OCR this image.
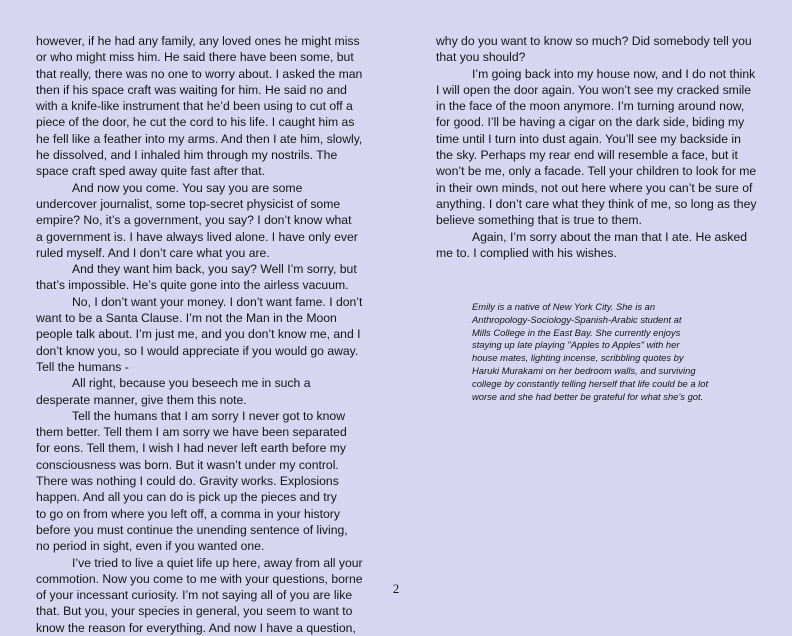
however, if he had any family, any loved ones he might miss

or who might miss him. He said there have been some, but

that really, there was no one to worry about. I asked the man

then if his space craft was waiting for him. He said no and

with a knife-like instrument that he’d been using to cut off a

piece of the door, he cut the cord to his life. I caught him as

he fell like a feather into my arms. And then I ate him, slowly,

he dissolved, and I inhaled him through my nostrils. The

space craft sped away quite fast after that.

And now you come. You say you are some

undercover journalist, some top-secret physicist of some

empire? No, it’s a government, you say? I don’t know what

a government is. I have always lived alone. I have only ever

ruled myself. And I don’t care what you are.

And they want him back, you say? Well I’m sorry, but

that’s impossible. He’s quite gone into the airless vacuum.

No, I don’t want your money. I don’t want fame. I don’t

want to be a Santa Clause. I’m not the Man in the Moon

people talk about. I’m just me, and you don’t know me, and I

don’t know you, so I would appreciate if you would go away.

Tell the humans -

All right, because you beseech me in such a

desperate manner, give them this note.

Tell the humans that I am sorry I never got to know

them better. Tell them I am sorry we have been separated

for eons. Tell them, I wish I had never left earth before my

consciousness was born. But it wasn’t under my control.

There was nothing I could do. Gravity works. Explosions

happen. And all you can do is pick up the pieces and try

to go on from where you left off, a comma in your history

before you must continue the unending sentence of living,

no period in sight, even if you wanted one.

I’ve tried to live a quiet life up here, away from all your

commotion. Now you come to me with your questions, borne

of your incessant curiosity. I’m not saying all of you are like

that. But you, your species in general, you seem to want to

know the reason for everything. And now I have a question,

why do you want to know so much? Did somebody tell you

that you should?

I’m going back into my house now, and I do not think

I will open the door again. You won’t see my cracked smile

in the face of the moon anymore. I’m turning around now,

for good. I’ll be having a cigar on the dark side, biding my

time until I turn into dust again. You’ll see my backside in

the sky. Perhaps my rear end will resemble a face, but it

won’t be me, only a facade. Tell your children to look for me

in their own minds, not out here where you can’t be sure of

anything. I don’t care what they think of me, so long as they

believe something that is true to them.

Again, I’m sorry about the man that I ate. He asked

me to. I complied with his wishes.

Emily is a native of New York City. She is an

Anthropology-Sociology-Spanish-Arabic student at

Mills College in the East Bay. She currently enjoys

staying up late playing "Apples to Apples" with her

house mates, lighting incense, scribbling quotes by

Haruki Murakami on her bedroom walls, and surviving

college by constantly telling herself that life could be a lot

worse and she had better be grateful for what she’s got.

2
